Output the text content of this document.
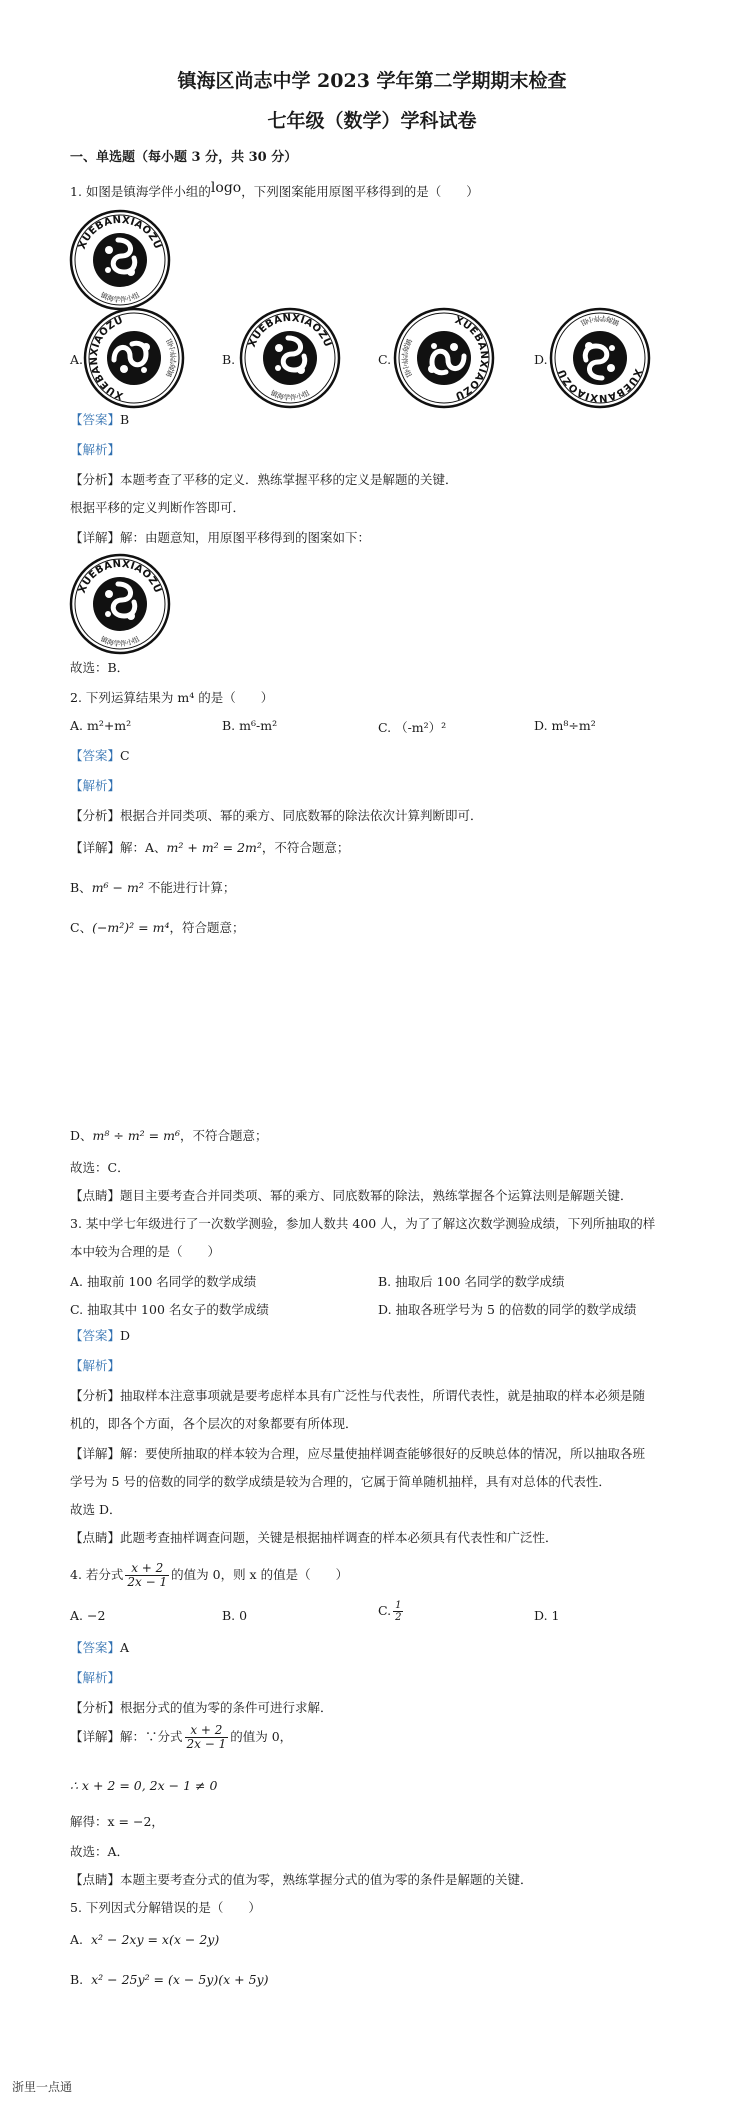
镇海区尚志中学 2023 学年第二学期期末检查
七年级（数学）学科试卷
一、单选题（每小题 3 分，共 30 分）
1. 如图是镇海学伴小组的logo，下列图案能用原图平移得到的是（　　）
A.	B.	C.	D.
【答案】B
【解析】
【分析】本题考查了平移的定义．熟练掌握平移的定义是解题的关键．
根据平移的定义判断作答即可．
【详解】解：由题意知，用原图平移得到的图案如下：
故选：B．
2. 下列运算结果为 m⁴ 的是（　　）
A. m²+m²	B. m⁶-m²	C. （-m²）²	D. m⁸÷m²
【答案】C
【解析】
【分析】根据合并同类项、幂的乘方、同底数幂的除法依次计算判断即可．
【详解】解：A、m² + m² = 2m²，不符合题意；
B、m⁶ − m² 不能进行计算；
C、(−m²)² = m⁴，符合题意；
D、m⁸ ÷ m² = m⁶，不符合题意；
故选：C．
【点睛】题目主要考查合并同类项、幂的乘方、同底数幂的除法，熟练掌握各个运算法则是解题关键．
3. 某中学七年级进行了一次数学测验，参加人数共 400 人，为了了解这次数学测验成绩，下列所抽取的样
本中较为合理的是（　　）
A. 抽取前 100 名同学的数学成绩	B. 抽取后 100 名同学的数学成绩
C. 抽取其中 100 名女子的数学成绩	D. 抽取各班学号为 5 的倍数的同学的数学成绩
【答案】D
【解析】
【分析】抽取样本注意事项就是要考虑样本具有广泛性与代表性，所谓代表性，就是抽取的样本必须是随
机的，即各个方面，各个层次的对象都要有所体现．
【详解】解：要使所抽取的样本较为合理，应尽量使抽样调查能够很好的反映总体的情况，所以抽取各班
学号为 5 号的倍数的同学的数学成绩是较为合理的，它属于简单随机抽样，具有对总体的代表性．
故选 D．
【点睛】此题考查抽样调查问题，关键是根据抽样调查的样本必须具有代表性和广泛性．
4. 若分式 $\frac{x + 2}{2x - 1}$ 的值为 0，则 x 的值是（　　）
A. −2	B. 0	C. $\frac{1}{2}$	D. 1
【答案】A
【解析】
【分析】根据分式的值为零的条件可进行求解．
【详解】解：∵分式 $\frac{x + 2}{2x - 1}$ 的值为 0，
∴ x + 2 = 0, 2x − 1 ≠ 0
解得：x = −2，
故选：A．
【点睛】本题主要考查分式的值为零，熟练掌握分式的值为零的条件是解题的关键．
5. 下列因式分解错误的是（　　）
A. x² − 2xy = x(x − 2y)
B. x² − 25y² = (x − 5y)(x + 5y)
浙里一点通
